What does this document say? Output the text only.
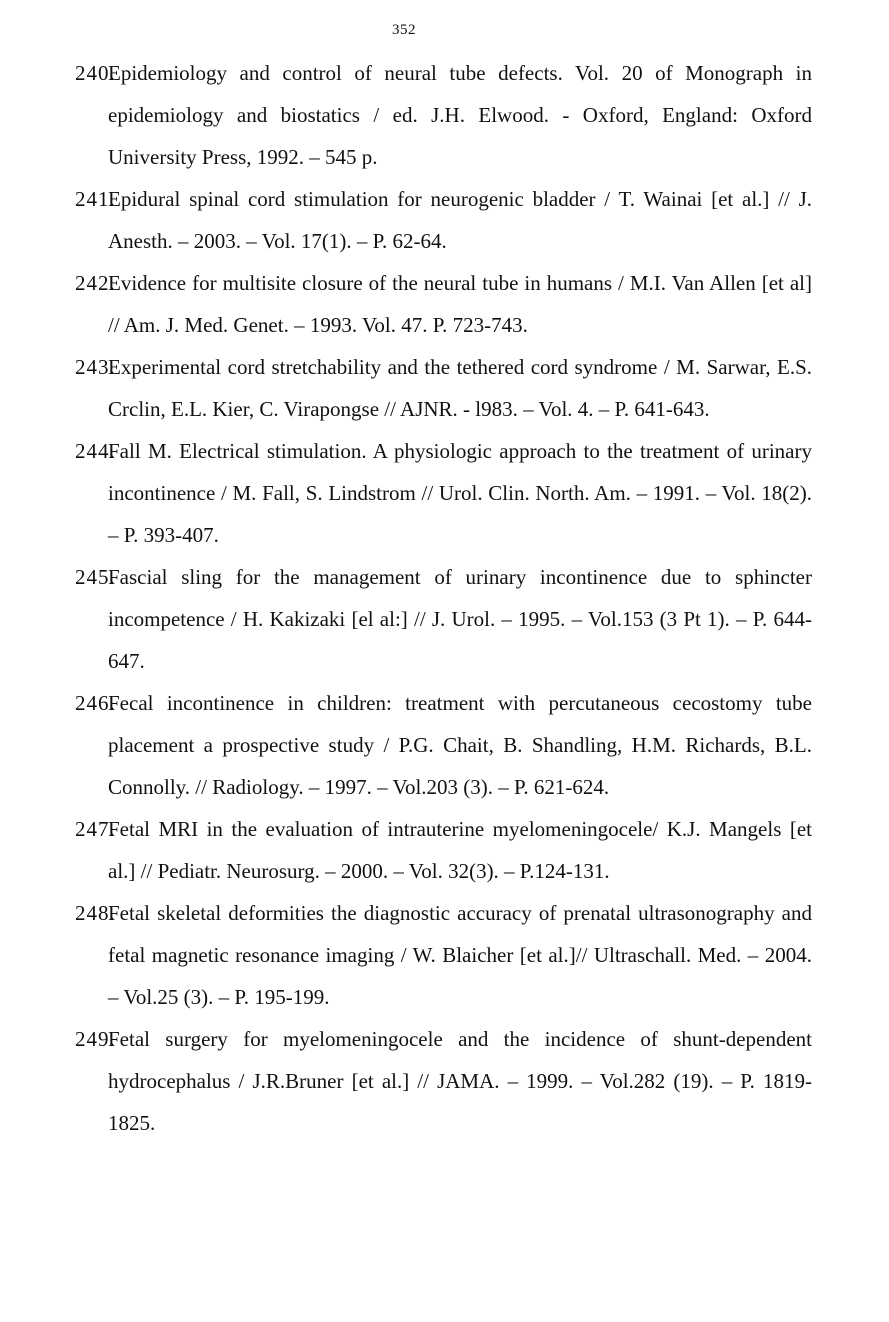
352
240.
Epidemiology and control of neural tube defects. Vol. 20 of Monograph in epidemiology and biostatics / ed. J.H. Elwood. - Oxford, England: Oxford University Press, 1992. – 545 p.
241.
Epidural spinal cord stimulation for neurogenic bladder / T. Wainai [et al.] // J. Anesth. – 2003. – Vol. 17(1). – P. 62-64.
242.
Evidence for multisite closure of the neural tube in humans / M.I. Van Allen [et al] // Am. J. Med. Genet. – 1993. Vol. 47. P. 723-743.
243.
Experimental cord stretchability and the tethered cord syndrome / M. Sarwar, E.S. Crclin, E.L. Kier, C. Virapongse // AJNR. - l983. – Vol. 4. – P. 641-643.
244.
Fall M. Electrical stimulation. A physiologic approach to the treatment of urinary incontinence / M. Fall, S. Lindstrom // Urol. Clin. North. Am. – 1991. – Vol. 18(2). – P. 393-407.
245.
Fascial sling for the management of urinary incontinence due to sphincter incompetence / H. Kakizaki [el al:] // J. Urol. – 1995. – Vol.153 (3 Pt 1). – P. 644-647.
246.
Fecal incontinence in children: treatment with percutaneous cecostomy tube placement a prospective study / P.G. Chait, B. Shandling, H.M. Richards, B.L. Connolly. // Radiology. – 1997. – Vol.203 (3). – P. 621-624.
247.
Fetal MRI in the evaluation of intrauterine myelomeningocele/ K.J. Mangels [et al.] // Pediatr. Neurosurg. – 2000. – Vol. 32(3). – P.124-131.
248.
Fetal skeletal deformities the diagnostic accuracy of prenatal ultrasonography and fetal magnetic resonance imaging / W. Blaicher [et al.]// Ultraschall. Med. – 2004. – Vol.25 (3). – P. 195-199.
249.
Fetal surgery for myelomeningocele and the incidence of shunt-dependent hydrocephalus / J.R.Bruner [et al.] // JAMA. – 1999. – Vol.282 (19). – P. 1819-1825.
